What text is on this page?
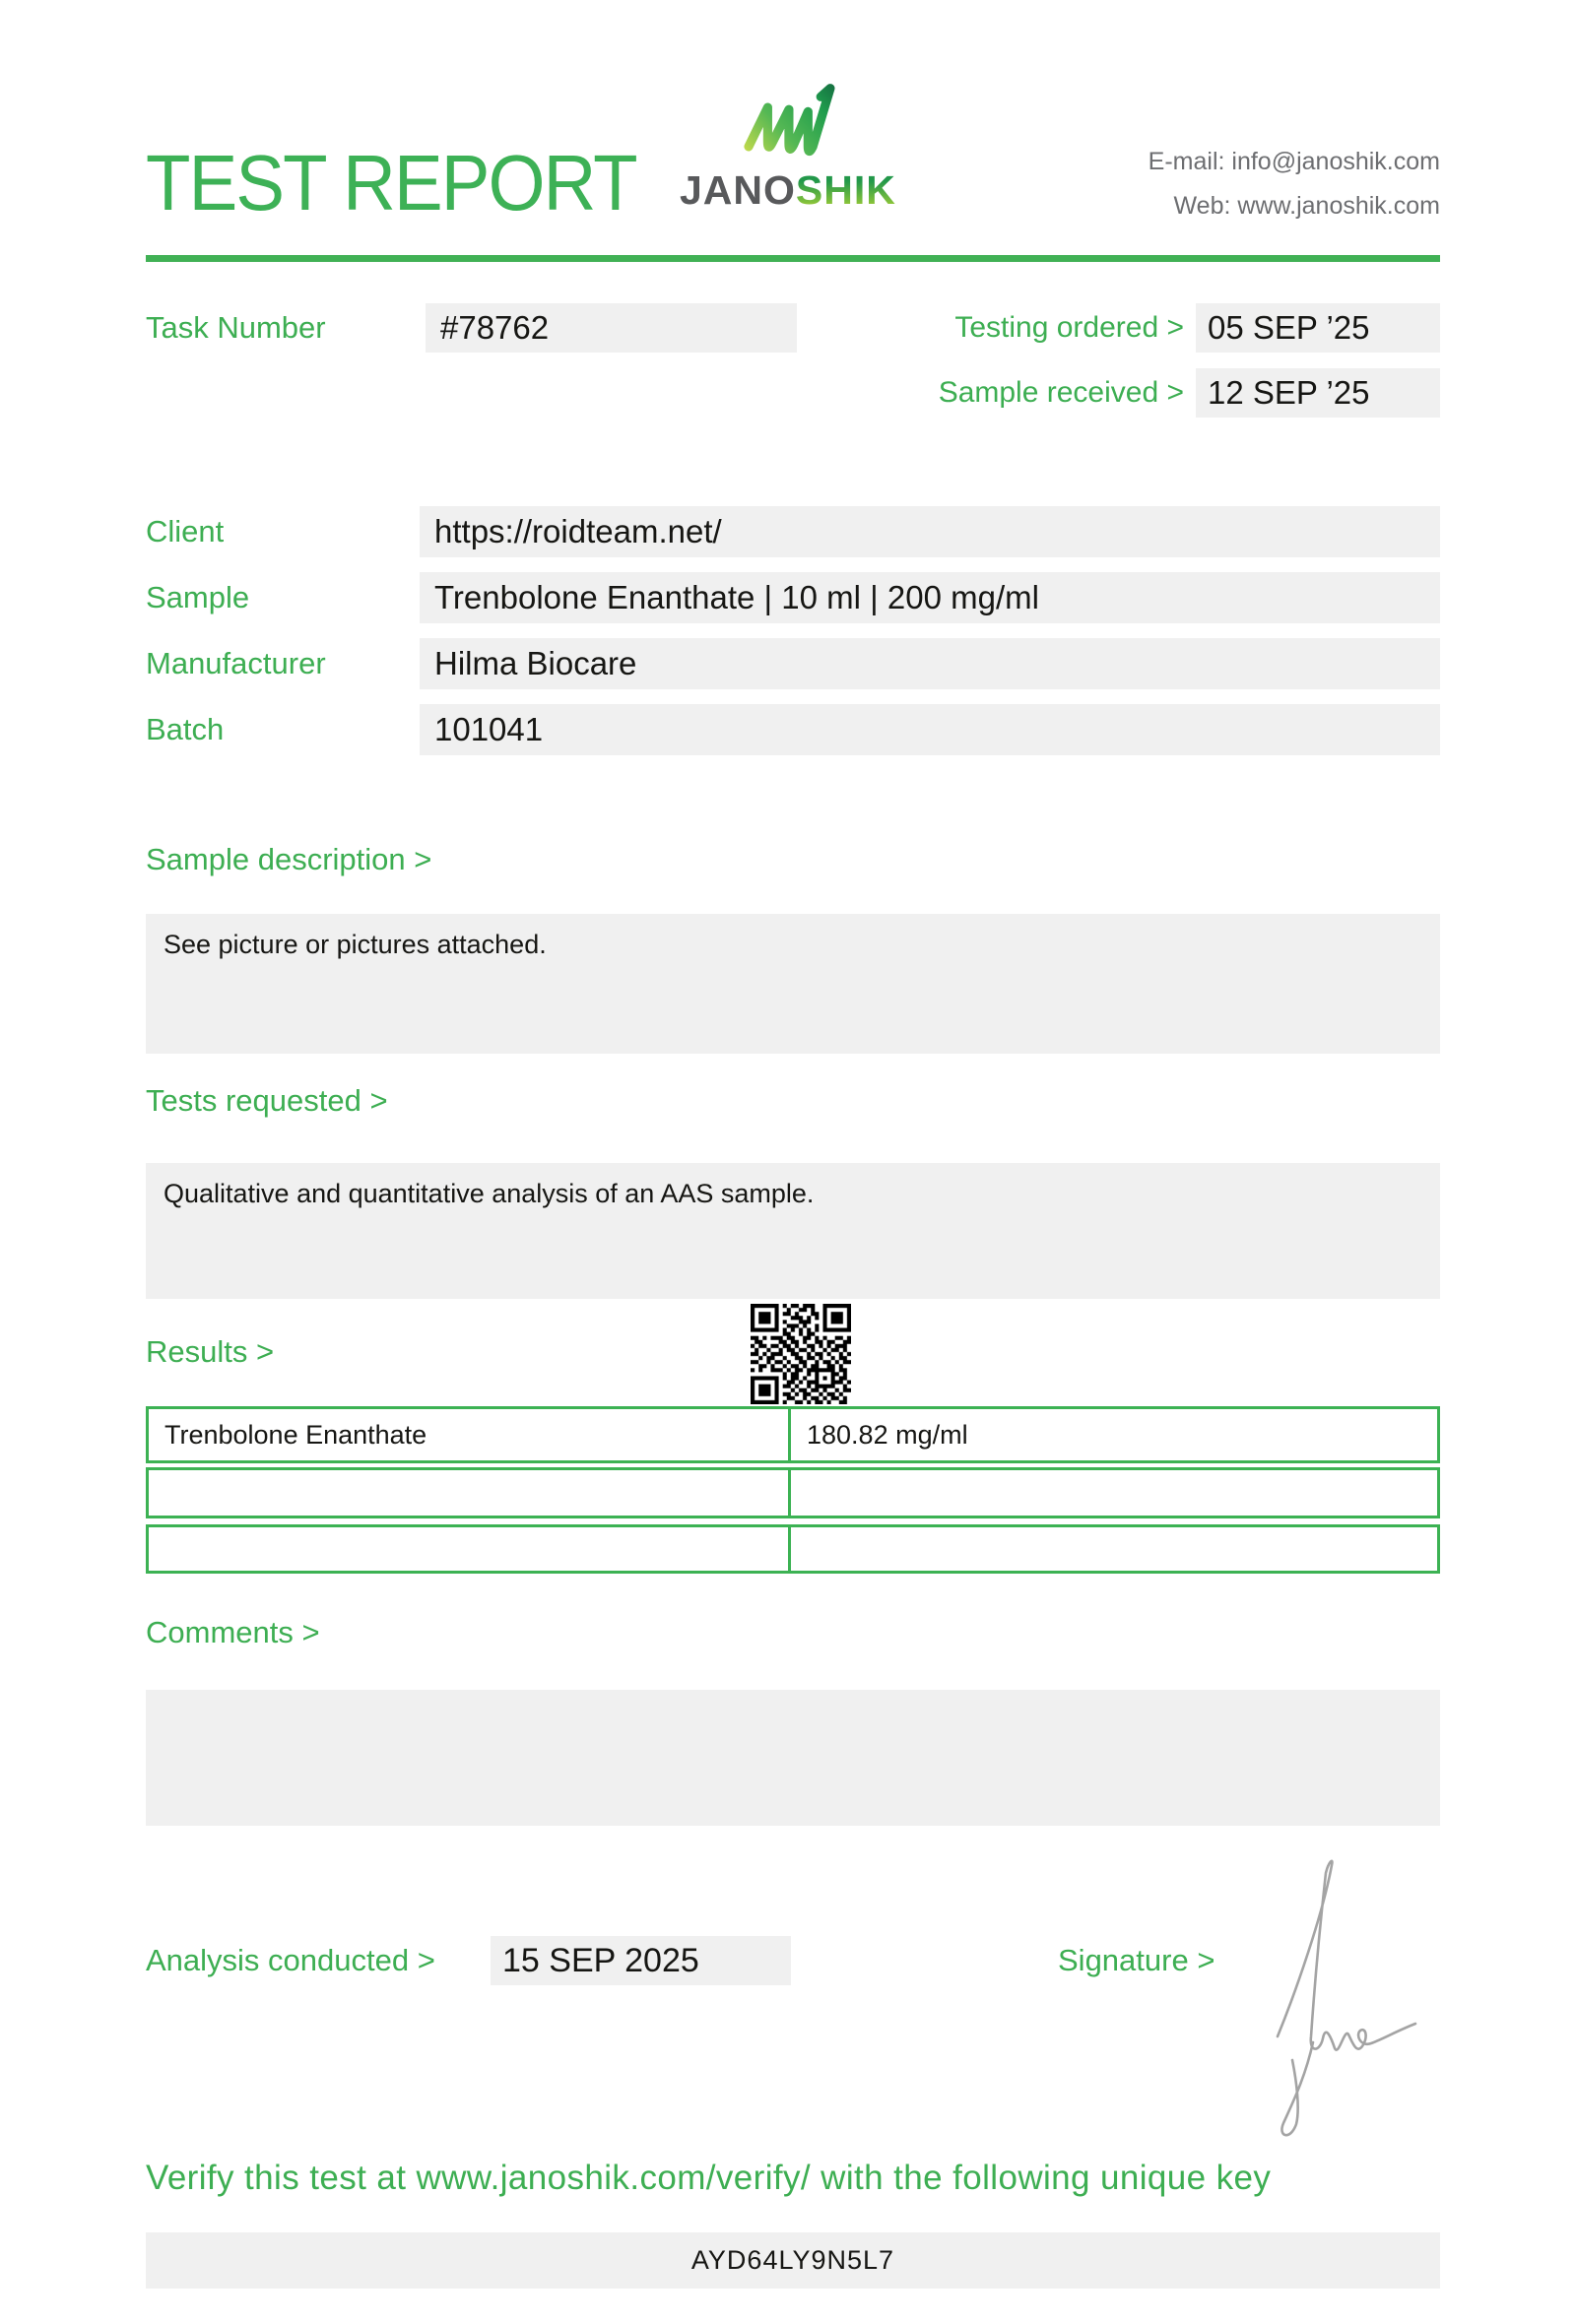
TEST REPORT JANOSHIK
E-mail: info@janoshik.com
Web: www.janoshik.com
Task Number	#78762	Testing ordered > 05 SEP ’25
Sample received > 12 SEP ’25
Client	https://roidteam.net/
Sample	Trenbolone Enanthate | 10 ml | 200 mg/ml
Manufacturer	Hilma Biocare
Batch	101041
Sample description >
See picture or pictures attached.
Tests requested >
Qualitative and quantitative analysis of an AAS sample.
Results >
Trenbolone Enanthate	180.82 mg/ml
Comments >
Analysis conducted >	15 SEP 2025	Signature >
Verify this test at www.janoshik.com/verify/ with the following unique key
AYD64LY9N5L7
